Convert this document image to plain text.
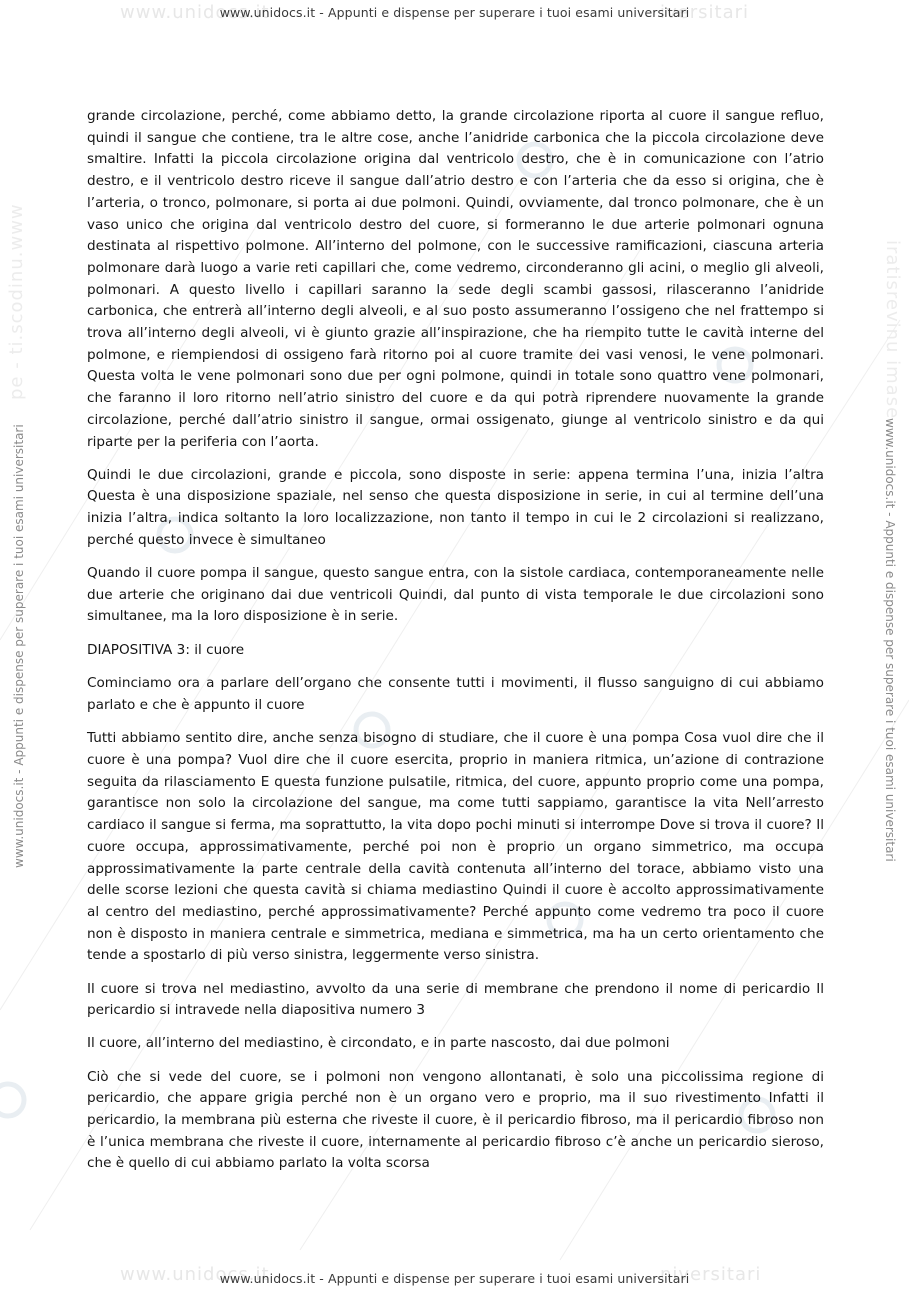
www.unidocs.it	iversitari
www.unidocs.it - Appunti e dispense per superare i tuoi esami universitari
pe - ti.scodinu.www
www.unidocs.it - Appunti e dispense per superare i tuoi esami universitari
iratisrevinu imase
www.unidocs.it - Appunti e dispense per superare i tuoi esami universitari

grande circolazione, perché, come abbiamo detto, la grande circolazione riporta al cuore il sangue refluo, quindi il sangue che contiene, tra le altre cose, anche l’anidride carbonica che la piccola circolazione deve smaltire. Infatti la piccola circolazione origina dal ventricolo destro, che è in comunicazione con l’atrio destro, e il ventricolo destro riceve il sangue dall’atrio destro e con l’arteria che da esso si origina, che è l’arteria, o tronco, polmonare, si porta ai due polmoni. Quindi, ovviamente, dal tronco polmonare, che è un vaso unico che origina dal ventricolo destro del cuore, si formeranno le due arterie polmonari ognuna destinata al rispettivo polmone. All’interno del polmone, con le successive ramificazioni, ciascuna arteria polmonare darà luogo a varie reti capillari che, come vedremo, circonderanno gli acini, o meglio gli alveoli, polmonari. A questo livello i capillari saranno la sede degli scambi gassosi, rilasceranno l’anidride carbonica, che entrerà all’interno degli alveoli, e al suo posto assumeranno l’ossigeno che nel frattempo si trova all’interno degli alveoli, vi è giunto grazie all’inspirazione, che ha riempito tutte le cavità interne del polmone, e riempiendosi di ossigeno farà ritorno poi al cuore tramite dei vasi venosi, le vene polmonari. Questa volta le vene polmonari sono due per ogni polmone, quindi in totale sono quattro vene polmonari, che faranno il loro ritorno nell’atrio sinistro del cuore e da qui potrà riprendere nuovamente la grande circolazione, perché dall’atrio sinistro il sangue, ormai ossigenato, giunge al ventricolo sinistro e da qui riparte per la periferia con l’aorta.

Quindi le due circolazioni, grande e piccola, sono disposte in serie: appena termina l’una, inizia l’altra Questa è una disposizione spaziale, nel senso che questa disposizione in serie, in cui al termine dell’una inizia l’altra, indica soltanto la loro localizzazione, non tanto il tempo in cui le 2 circolazioni si realizzano, perché questo invece è simultaneo

Quando il cuore pompa il sangue, questo sangue entra, con la sistole cardiaca, contemporaneamente nelle due arterie che originano dai due ventricoli Quindi, dal punto di vista temporale le due circolazioni sono simultanee, ma la loro disposizione è in serie.

DIAPOSITIVA 3: il cuore

Cominciamo ora a parlare dell’organo che consente tutti i movimenti, il flusso sanguigno di cui abbiamo parlato e che è appunto il cuore

Tutti abbiamo sentito dire, anche senza bisogno di studiare, che il cuore è una pompa Cosa vuol dire che il cuore è una pompa? Vuol dire che il cuore esercita, proprio in maniera ritmica, un’azione di contrazione seguita da rilasciamento E questa funzione pulsatile, ritmica, del cuore, appunto proprio come una pompa, garantisce non solo la circolazione del sangue, ma come tutti sappiamo, garantisce la vita Nell’arresto cardiaco il sangue si ferma, ma soprattutto, la vita dopo pochi minuti si interrompe Dove si trova il cuore? Il cuore occupa, approssimativamente, perché poi non è proprio un organo simmetrico, ma occupa approssimativamente la parte centrale della cavità contenuta all’interno del torace, abbiamo visto una delle scorse lezioni che questa cavità si chiama mediastino Quindi il cuore è accolto approssimativamente al centro del mediastino, perché approssimativamente? Perché appunto come vedremo tra poco il cuore non è disposto in maniera centrale e simmetrica, mediana e simmetrica, ma ha un certo orientamento che tende a spostarlo di più verso sinistra, leggermente verso sinistra.

Il cuore si trova nel mediastino, avvolto da una serie di membrane che prendono il nome di pericardio Il pericardio si intravede nella diapositiva numero 3

Il cuore, all’interno del mediastino, è circondato, e in parte nascosto, dai due polmoni

Ciò che si vede del cuore, se i polmoni non vengono allontanati, è solo una piccolissima regione di pericardio, che appare grigia perché non è un organo vero e proprio, ma il suo rivestimento Infatti il pericardio, la membrana più esterna che riveste il cuore, è il pericardio fibroso, ma il pericardio fibroso non è l’unica membrana che riveste il cuore, internamente al pericardio fibroso c’è anche un pericardio sieroso, che è quello di cui abbiamo parlato la volta scorsa

www.unidocs.it	niversitari
www.unidocs.it - Appunti e dispense per superare i tuoi esami universitari
